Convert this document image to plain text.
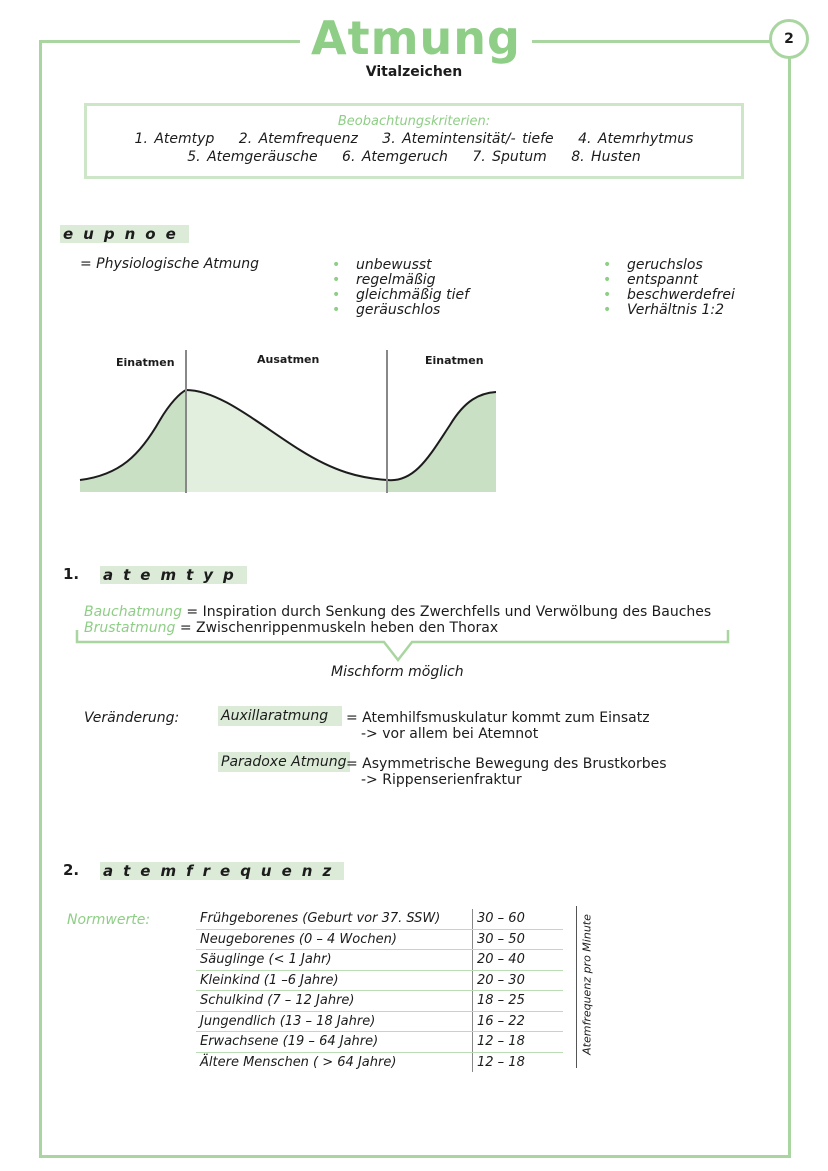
Atmung
Vitalzeichen
2
Beobachtungskriterien:
1. Atemtyp 2. Atemfrequenz 3. Atemintensität/- tiefe 4. Atemrhytmus
5. Atemgeräusche 6. Atemgeruch 7. Sputum 8. Husten
eupnoe
= Physiologische Atmung	• unbewusst
• regelmäßig
• gleichmäßig tief
• geräuschlos
• geruchslos
• entspannt
• beschwerdefrei
• Verhältnis 1:2
Einatmen	Ausatmen	Einatmen
1. atemtyp
Bauchatmung = Inspiration durch Senkung des Zwerchfells und Verwölbung des Bauches
Brustatmung = Zwischenrippenmuskeln heben den Thorax
Mischform möglich
Veränderung:	Auxillaratmung	= Atemhilfsmuskulatur kommt zum Einsatz
-> vor allem bei Atemnot
Paradoxe Atmung = Asymmetrische Bewegung des Brustkorbes
-> Rippenserienfraktur
2. atemfrequenz
Normwerte:	Frühgeborenes (Geburt vor 37. SSW)	30 – 60
Neugeborenes (0 – 4 Wochen)	30 – 50
Säuglinge (< 1 Jahr)	20 – 40
Kleinkind (1 –6 Jahre)	20 – 30
Schulkind (7 – 12 Jahre)	18 – 25
Jungendlich (13 – 18 Jahre)	16 – 22
Erwachsene (19 – 64 Jahre)	12 – 18
Ältere Menschen ( > 64 Jahre)	12 – 18
Atemfrequenz pro Minute
